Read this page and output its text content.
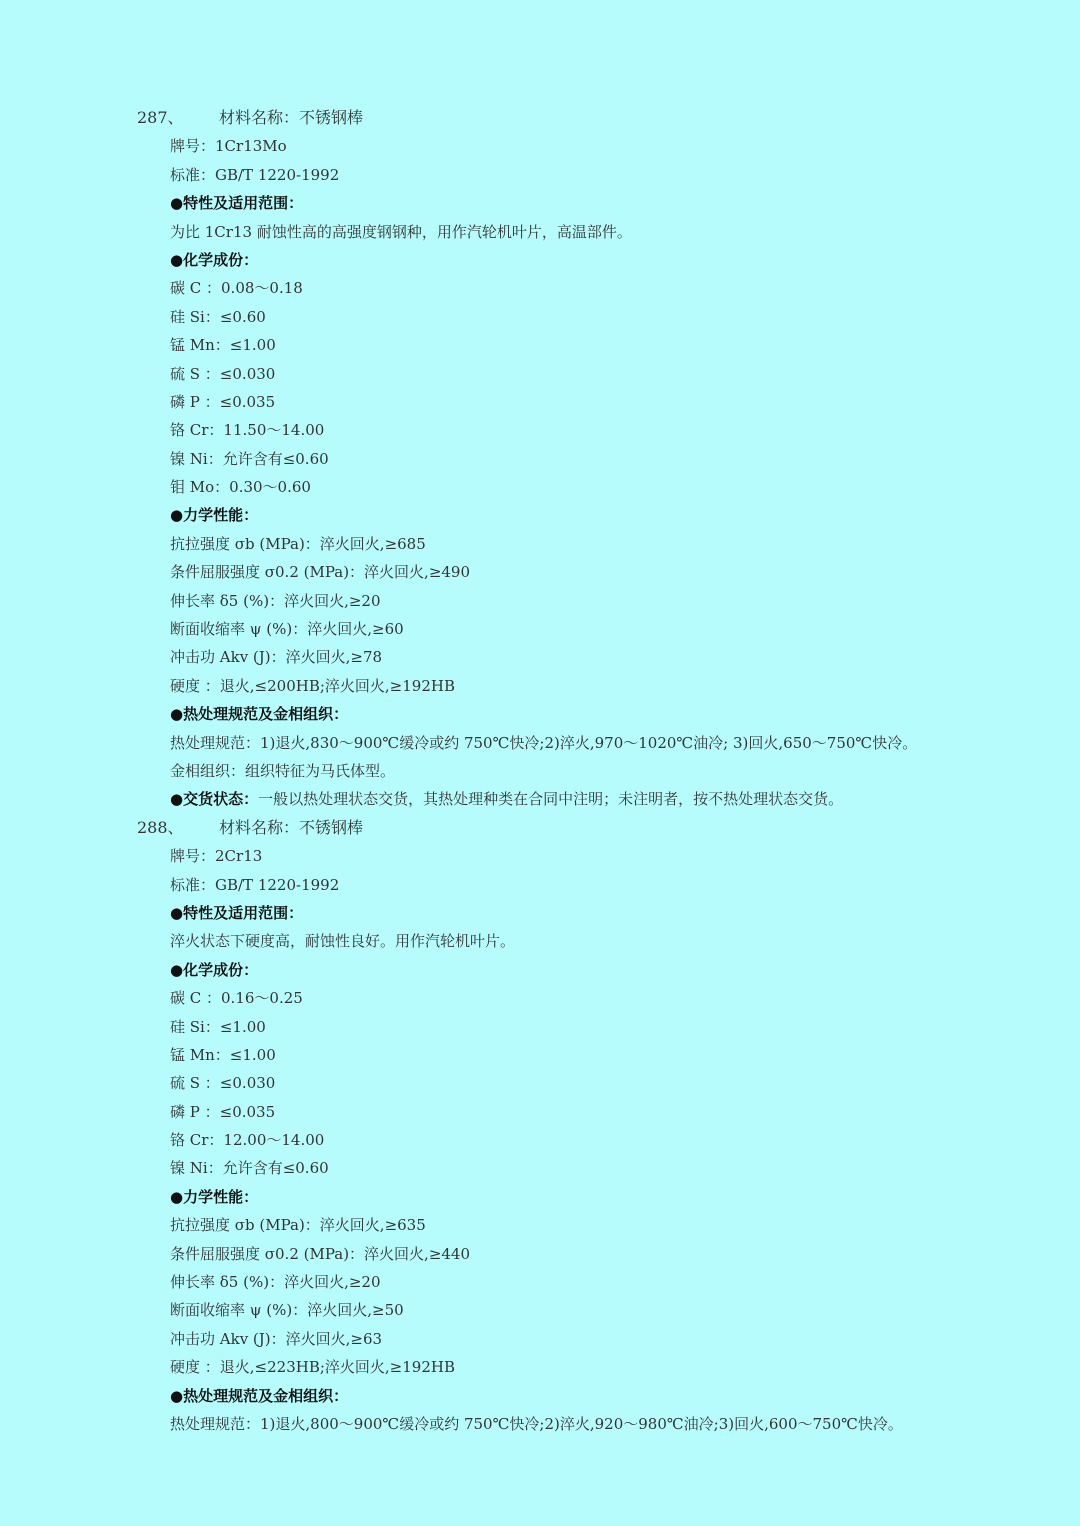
287、 材料名称：不锈钢棒
牌号：1Cr13Mo
标准：GB/T 1220-1992
●特性及适用范围：
为比 1Cr13 耐蚀性高的高强度钢钢种，用作汽轮机叶片，高温部件。
●化学成份：
碳 C ：0.08～0.18
硅 Si：≤0.60
锰 Mn：≤1.00
硫 S ：≤0.030
磷 P ：≤0.035
铬 Cr：11.50～14.00
镍 Ni：允许含有≤0.60
钼 Mo：0.30～0.60
●力学性能：
抗拉强度 σb (MPa)：淬火回火,≥685
条件屈服强度 σ0.2 (MPa)：淬火回火,≥490
伸长率 δ5 (%)：淬火回火,≥20
断面收缩率 ψ (%)：淬火回火,≥60
冲击功 Akv (J)：淬火回火,≥78
硬度 ：退火,≤200HB;淬火回火,≥192HB
●热处理规范及金相组织：
热处理规范：1)退火,830～900℃缓冷或约 750℃快冷;2)淬火,970～1020℃油冷; 3)回火,650～750℃快冷。
金相组织：组织特征为马氏体型。
●交货状态：一般以热处理状态交货，其热处理种类在合同中注明；未注明者，按不热处理状态交货。
288、 材料名称：不锈钢棒
牌号：2Cr13
标准：GB/T 1220-1992
●特性及适用范围：
淬火状态下硬度高，耐蚀性良好。用作汽轮机叶片。
●化学成份：
碳 C ：0.16～0.25
硅 Si：≤1.00
锰 Mn：≤1.00
硫 S ：≤0.030
磷 P ：≤0.035
铬 Cr：12.00～14.00
镍 Ni：允许含有≤0.60
●力学性能：
抗拉强度 σb (MPa)：淬火回火,≥635
条件屈服强度 σ0.2 (MPa)：淬火回火,≥440
伸长率 δ5 (%)：淬火回火,≥20
断面收缩率 ψ (%)：淬火回火,≥50
冲击功 Akv (J)：淬火回火,≥63
硬度 ：退火,≤223HB;淬火回火,≥192HB
●热处理规范及金相组织：
热处理规范：1)退火,800～900℃缓冷或约 750℃快冷;2)淬火,920～980℃油冷;3)回火,600～750℃快冷。
